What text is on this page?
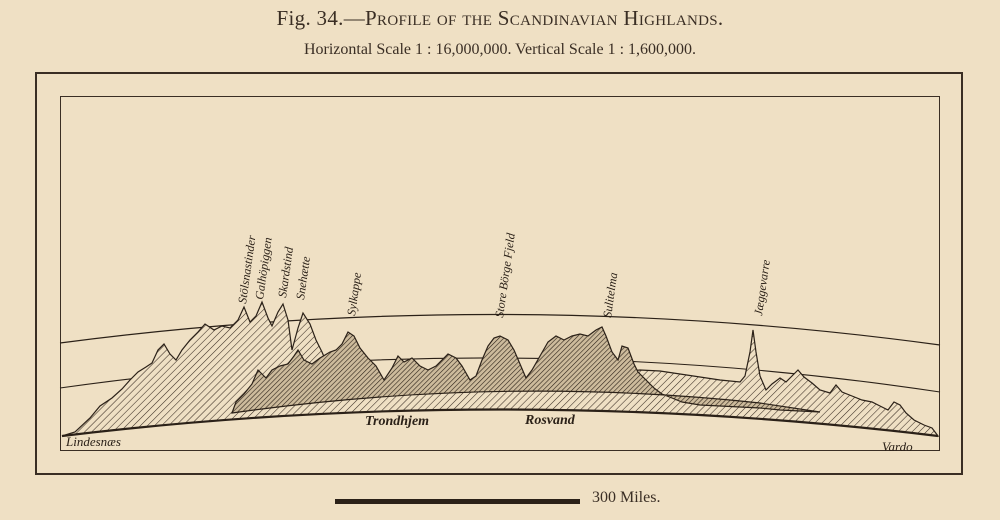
Fig. 34.—Profile of the Scandinavian Highlands.
Horizontal Scale 1 : 16,000,000. Vertical Scale 1 : 1,600,000.
Stölsnastinder
Galhöpiggen Skardstind
Snehætte	Sylkappe	Store Börge Fjeld	Sulitelma	Jæggevarre
Lindesnæs
Trondhjem	Rosvand
Vardo
300 Miles.
